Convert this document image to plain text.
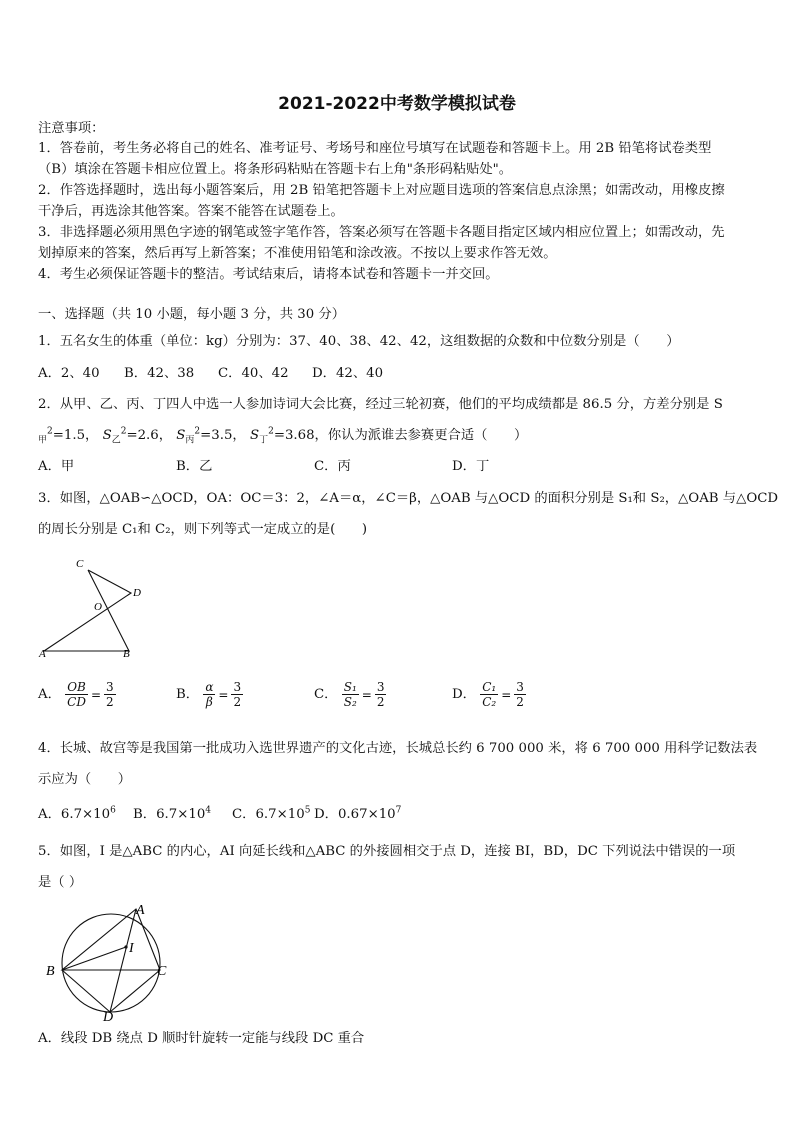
2021-2022中考数学模拟试卷
注意事项：
1．答卷前，考生务必将自己的姓名、准考证号、考场号和座位号填写在试题卷和答题卡上。用 2B 铅笔将试卷类型
（B）填涂在答题卡相应位置上。将条形码粘贴在答题卡右上角"条形码粘贴处"。
2．作答选择题时，选出每小题答案后，用 2B 铅笔把答题卡上对应题目选项的答案信息点涂黑；如需改动，用橡皮擦
干净后，再选涂其他答案。答案不能答在试题卷上。
3．非选择题必须用黑色字迹的钢笔或签字笔作答，答案必须写在答题卡各题目指定区域内相应位置上；如需改动，先
划掉原来的答案，然后再写上新答案；不准使用铅笔和涂改液。不按以上要求作答无效。
4．考生必须保证答题卡的整洁。考试结束后，请将本试卷和答题卡一并交回。
一、选择题（共 10 小题，每小题 3 分，共 30 分）
1．五名女生的体重（单位：kg）分别为：37、40、38、42、42，这组数据的众数和中位数分别是（　　）
A．2、40 B．42、38 C．40、42 D．42、40
2．从甲、乙、丙、丁四人中选一人参加诗词大会比赛，经过三轮初赛，他们的平均成绩都是 86.5 分，方差分别是 S
$_甲^2$=1.5， $S_乙^2=2.6$， $S_丙^2=3.5$， $S_丁^2=3.68$，你认为派谁去参赛更合适（　　）
A．甲	B．乙	C．丙	D．丁
3．如图，△OAB∽△OCD，OA：OC＝3：2，∠A＝α，∠C＝β，△OAB 与△OCD 的面积分别是 S₁和 S₂，△OAB 与△OCD
的周长分别是 C₁和 C₂，则下列等式一定成立的是(　　)
C
D
O
A	B
A． $\frac{OB}{CD} = \frac{3}{2}$	B． $\frac{\alpha}{\beta} = \frac{3}{2}$	C． $\frac{\text{S₁}}{\text{S₂}} = \frac{3}{2}$	D． $\frac{\text{C₁}}{\text{C₂}} = \frac{3}{2}$
4．长城、故宫等是我国第一批成功入选世界遗产的文化古迹，长城总长约 6 700 000 米，将 6 700 000 用科学记数法表
示应为（　　）
A．$6.7\times 10^6$ B．$6.7\times 10^4$ C．$6.7\times 10^5$ D．$0.67\times 10^7$
5．如图，I 是△ABC 的内心，AI 向延长线和△ABC 的外接圆相交于点 D，连接 BI，BD，DC 下列说法中错误的一项
是（ ）
A
B	C
D
I
A．线段 DB 绕点 D 顺时针旋转一定能与线段 DC 重合
